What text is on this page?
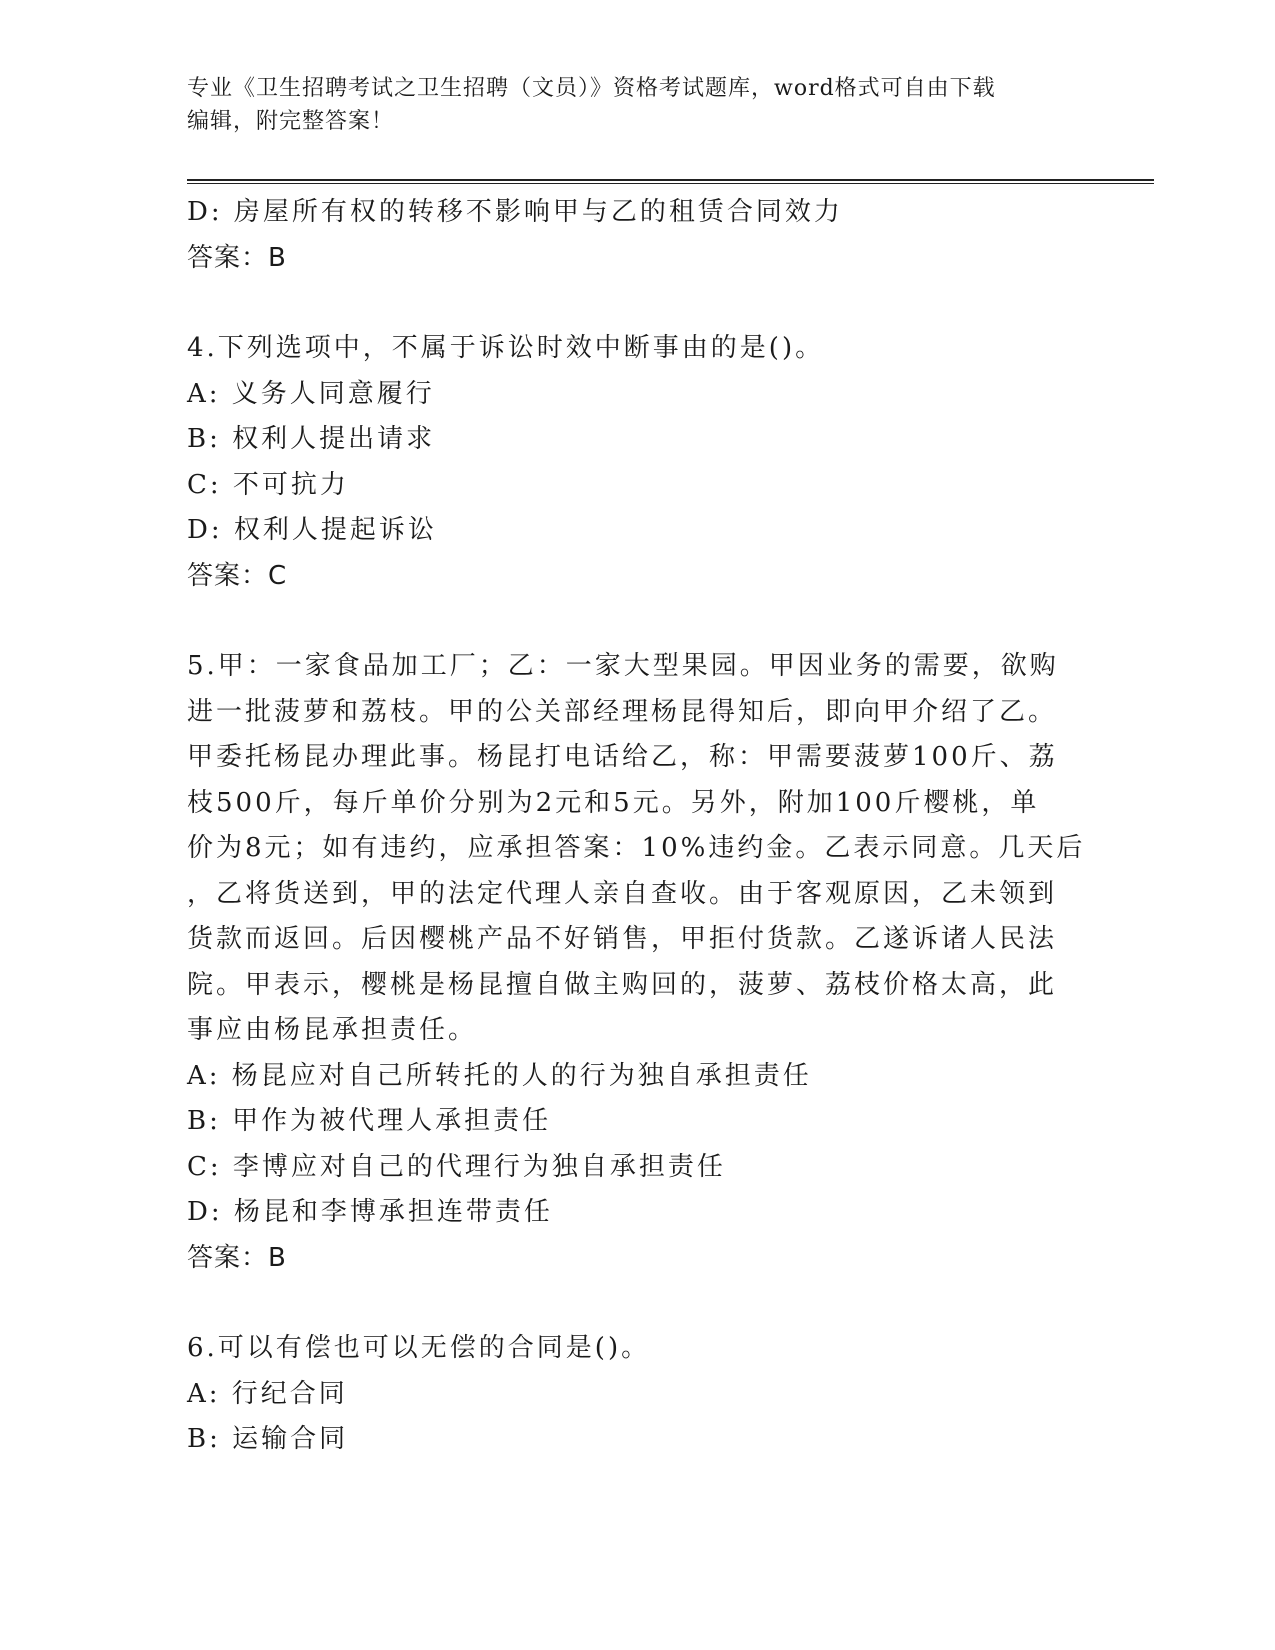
专业《卫生招聘考试之卫生招聘（文员）》资格考试题库，word格式可自由下载
编辑，附完整答案！
D: 房屋所有权的转移不影响甲与乙的租赁合同效力
答案：B
4.下列选项中，不属于诉讼时效中断事由的是()。
A: 义务人同意履行
B: 权利人提出请求
C: 不可抗力
D: 权利人提起诉讼
答案：C
5.甲：一家食品加工厂；乙：一家大型果园。甲因业务的需要，欲购
进一批菠萝和荔枝。甲的公关部经理杨昆得知后，即向甲介绍了乙。
甲委托杨昆办理此事。杨昆打电话给乙，称：甲需要菠萝100斤、荔
枝500斤，每斤单价分别为2元和5元。另外，附加100斤樱桃，单
价为8元；如有违约，应承担答案：10%违约金。乙表示同意。几天后
，乙将货送到，甲的法定代理人亲自查收。由于客观原因，乙未领到
货款而返回。后因樱桃产品不好销售，甲拒付货款。乙遂诉诸人民法
院。甲表示，樱桃是杨昆擅自做主购回的，菠萝、荔枝价格太高，此
事应由杨昆承担责任。
A: 杨昆应对自己所转托的人的行为独自承担责任
B: 甲作为被代理人承担责任
C: 李博应对自己的代理行为独自承担责任
D: 杨昆和李博承担连带责任
答案：B
6.可以有偿也可以无偿的合同是()。
A: 行纪合同
B: 运输合同
